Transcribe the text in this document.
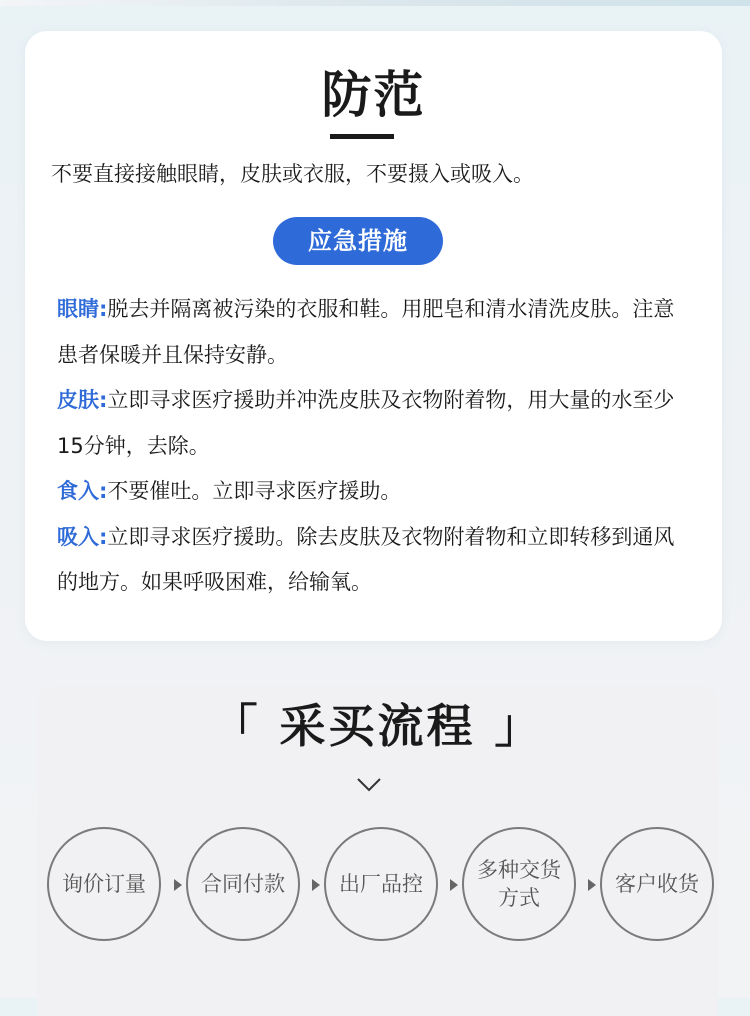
防范
不要直接接触眼睛，皮肤或衣服，不要摄入或吸入。
应急措施

眼睛:脱去并隔离被污染的衣服和鞋。用肥皂和清水清洗皮肤。注意患者保暖并且保持安静。

皮肤:立即寻求医疗援助并冲洗皮肤及衣物附着物，用大量的水至少15分钟，去除。

食入:不要催吐。立即寻求医疗援助。

吸入:立即寻求医疗援助。除去皮肤及衣物附着物和立即转移到通风的地方。如果呼吸困难，给输氧。

「 采买流程 」
询价订量	合同付款	出厂品控
多种交货方式
客户收货
